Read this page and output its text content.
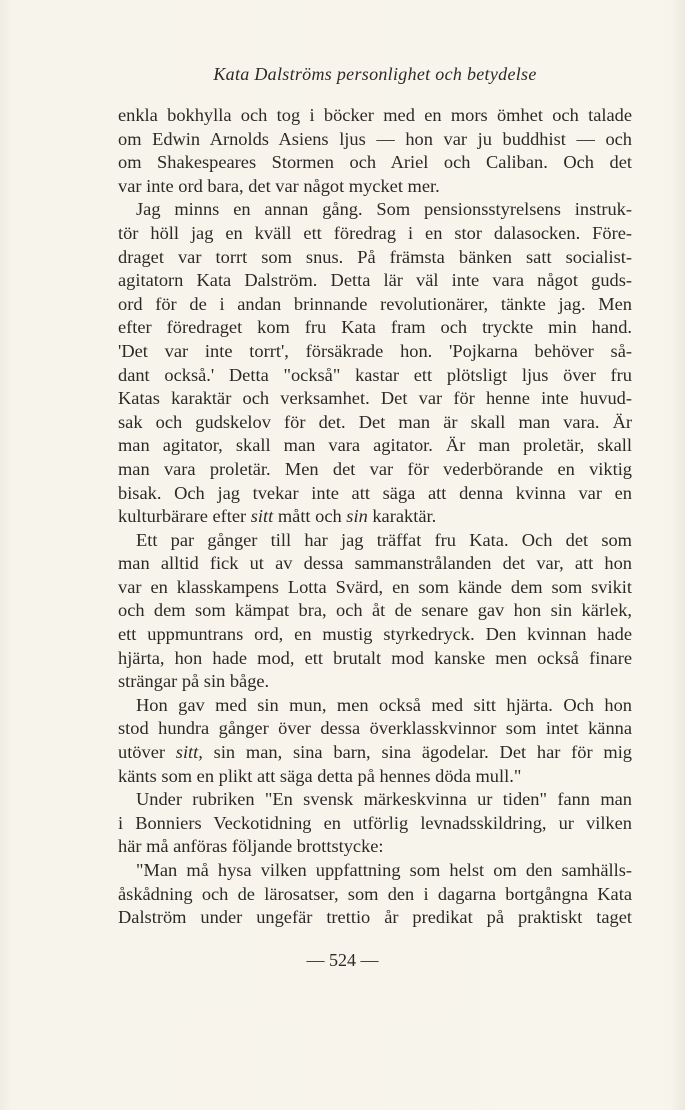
Kata Dalströms personlighet och betydelse

enkla bokhylla och tog i böcker med en mors ömhet och talade
om Edwin Arnolds Asiens ljus — hon var ju buddhist — och
om Shakespeares Stormen och Ariel och Caliban. Och det
var inte ord bara, det var något mycket mer.

Jag minns en annan gång. Som pensionsstyrelsens instruk-
tör höll jag en kväll ett föredrag i en stor dalasocken. Före-
draget var torrt som snus. På främsta bänken satt socialist-
agitatorn Kata Dalström. Detta lär väl inte vara något guds-
ord för de i andan brinnande revolutionärer, tänkte jag. Men
efter föredraget kom fru Kata fram och tryckte min hand.
'Det var inte torrt', försäkrade hon. 'Pojkarna behöver så-
dant också.' Detta "också" kastar ett plötsligt ljus över fru
Katas karaktär och verksamhet. Det var för henne inte huvud-
sak och gudskelov för det. Det man är skall man vara. Är
man agitator, skall man vara agitator. Är man proletär, skall
man vara proletär. Men det var för vederbörande en viktig
bisak. Och jag tvekar inte att säga att denna kvinna var en
kulturbärare efter sitt mått och sin karaktär.

Ett par gånger till har jag träffat fru Kata. Och det som
man alltid fick ut av dessa sammanstrålanden det var, att hon
var en klasskampens Lotta Svärd, en som kände dem som svikit
och dem som kämpat bra, och åt de senare gav hon sin kärlek,
ett uppmuntrans ord, en mustig styrkedryck. Den kvinnan hade
hjärta, hon hade mod, ett brutalt mod kanske men också finare
strängar på sin båge.

Hon gav med sin mun, men också med sitt hjärta. Och hon
stod hundra gånger över dessa överklasskvinnor som intet känna
utöver sitt, sin man, sina barn, sina ägodelar. Det har för mig
känts som en plikt att säga detta på hennes döda mull."

Under rubriken "En svensk märkeskvinna ur tiden" fann man
i Bonniers Veckotidning en utförlig levnadsskildring, ur vilken
här må anföras följande brottstycke:

"Man må hysa vilken uppfattning som helst om den samhälls-
åskådning och de lärosatser, som den i dagarna bortgångna Kata
Dalström under ungefär trettio år predikat på praktiskt taget

— 524 —
